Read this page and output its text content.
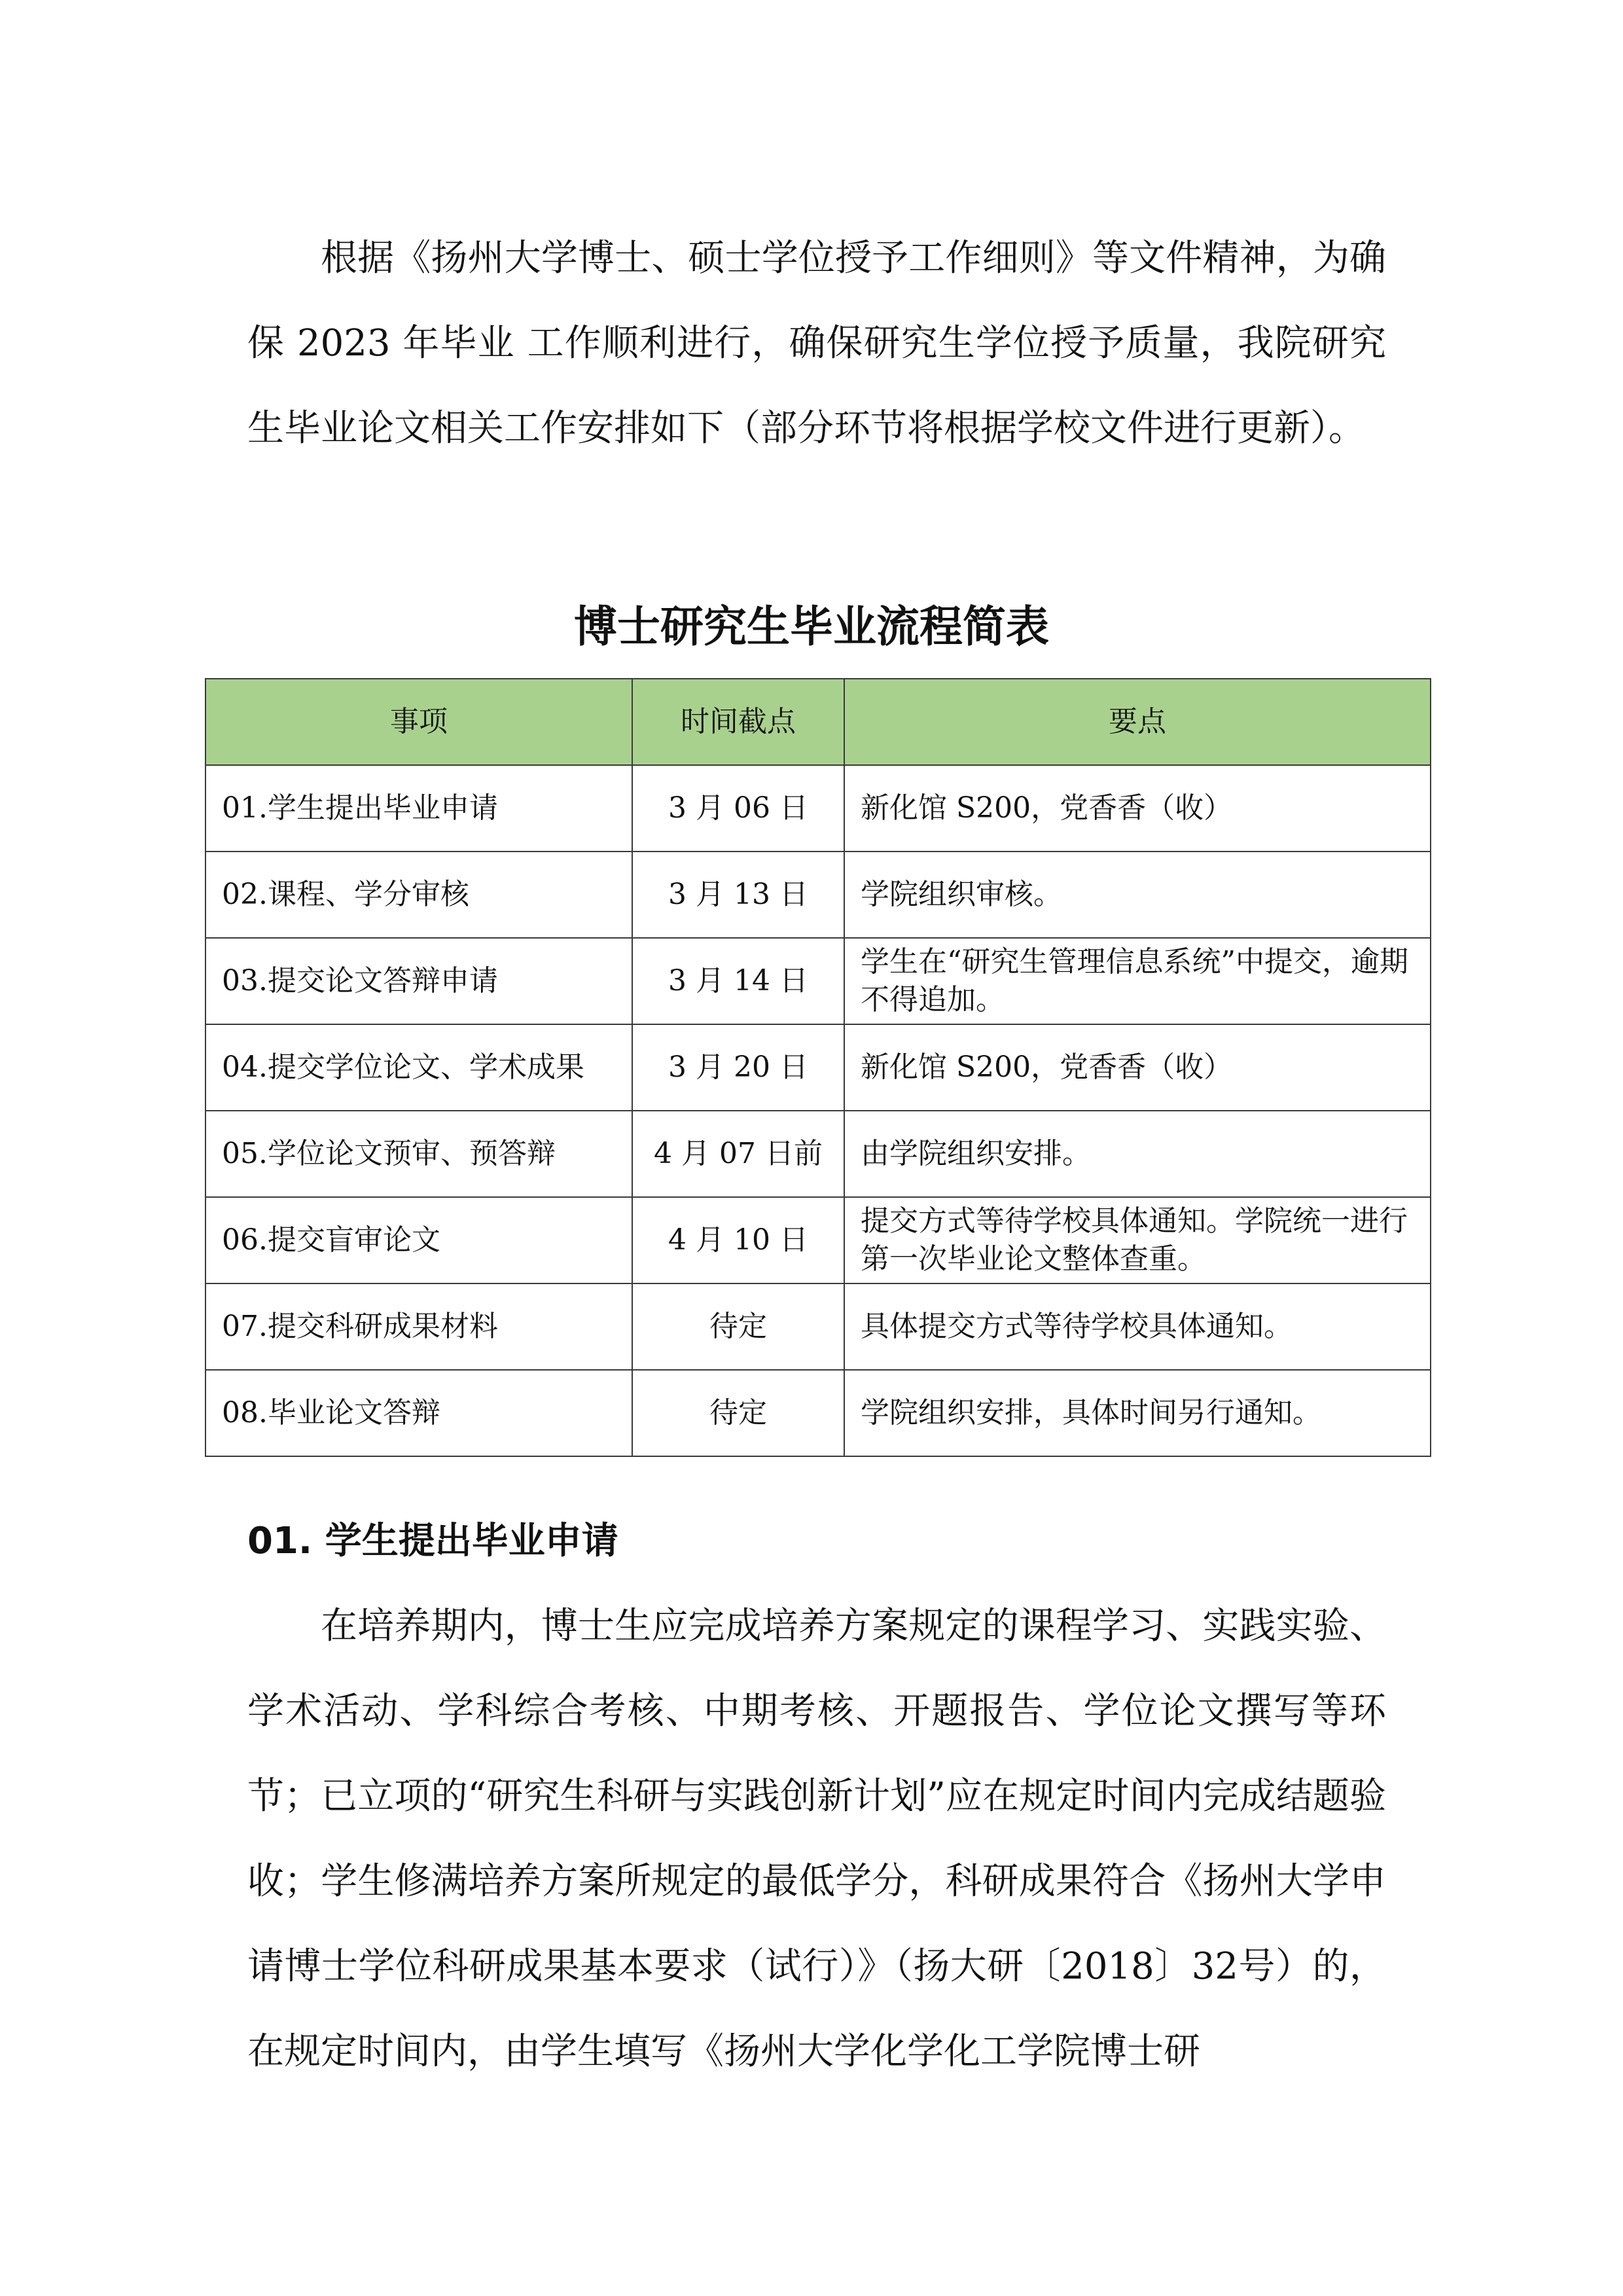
根据《扬州大学博士、硕士学位授予工作细则》等文件精神，为确保 2023 年毕业 工作顺利进行，确保研究生学位授予质量，我院研究生毕业论文相关工作安排如下（部分环节将根据学校文件进行更新）。

博士研究生毕业流程简表
事项	时间截点	要点
01.学生提出毕业申请	3 月 06 日	新化馆 S200，党香香（收）
02.课程、学分审核	3 月 13 日	学院组织审核。
03.提交论文答辩申请	3 月 14 日	学生在“研究生管理信息系统”中提交，逾期不得追加。
04.提交学位论文、学术成果	3 月 20 日	新化馆 S200，党香香（收）
05.学位论文预审、预答辩	4 月 07 日前	由学院组织安排。
06.提交盲审论文	4 月 10 日	提交方式等待学校具体通知。学院统一进行第一次毕业论文整体查重。
07.提交科研成果材料	待定	具体提交方式等待学校具体通知。
08.毕业论文答辩	待定	学院组织安排，具体时间另行通知。
01. 学生提出毕业申请

在培养期内，博士生应完成培养方案规定的课程学习、实践实验、学术活动、学科综合考核、中期考核、开题报告、学位论文撰写等环节；已立项的“研究生科研与实践创新计划”应在规定时间内完成结题验收；学生修满培养方案所规定的最低学分，科研成果符合《扬州大学申请博士学位科研成果基本要求（试行）》（扬大研〔2018〕32号）的，在规定时间内，由学生填写《扬州大学化学化工学院博士研
